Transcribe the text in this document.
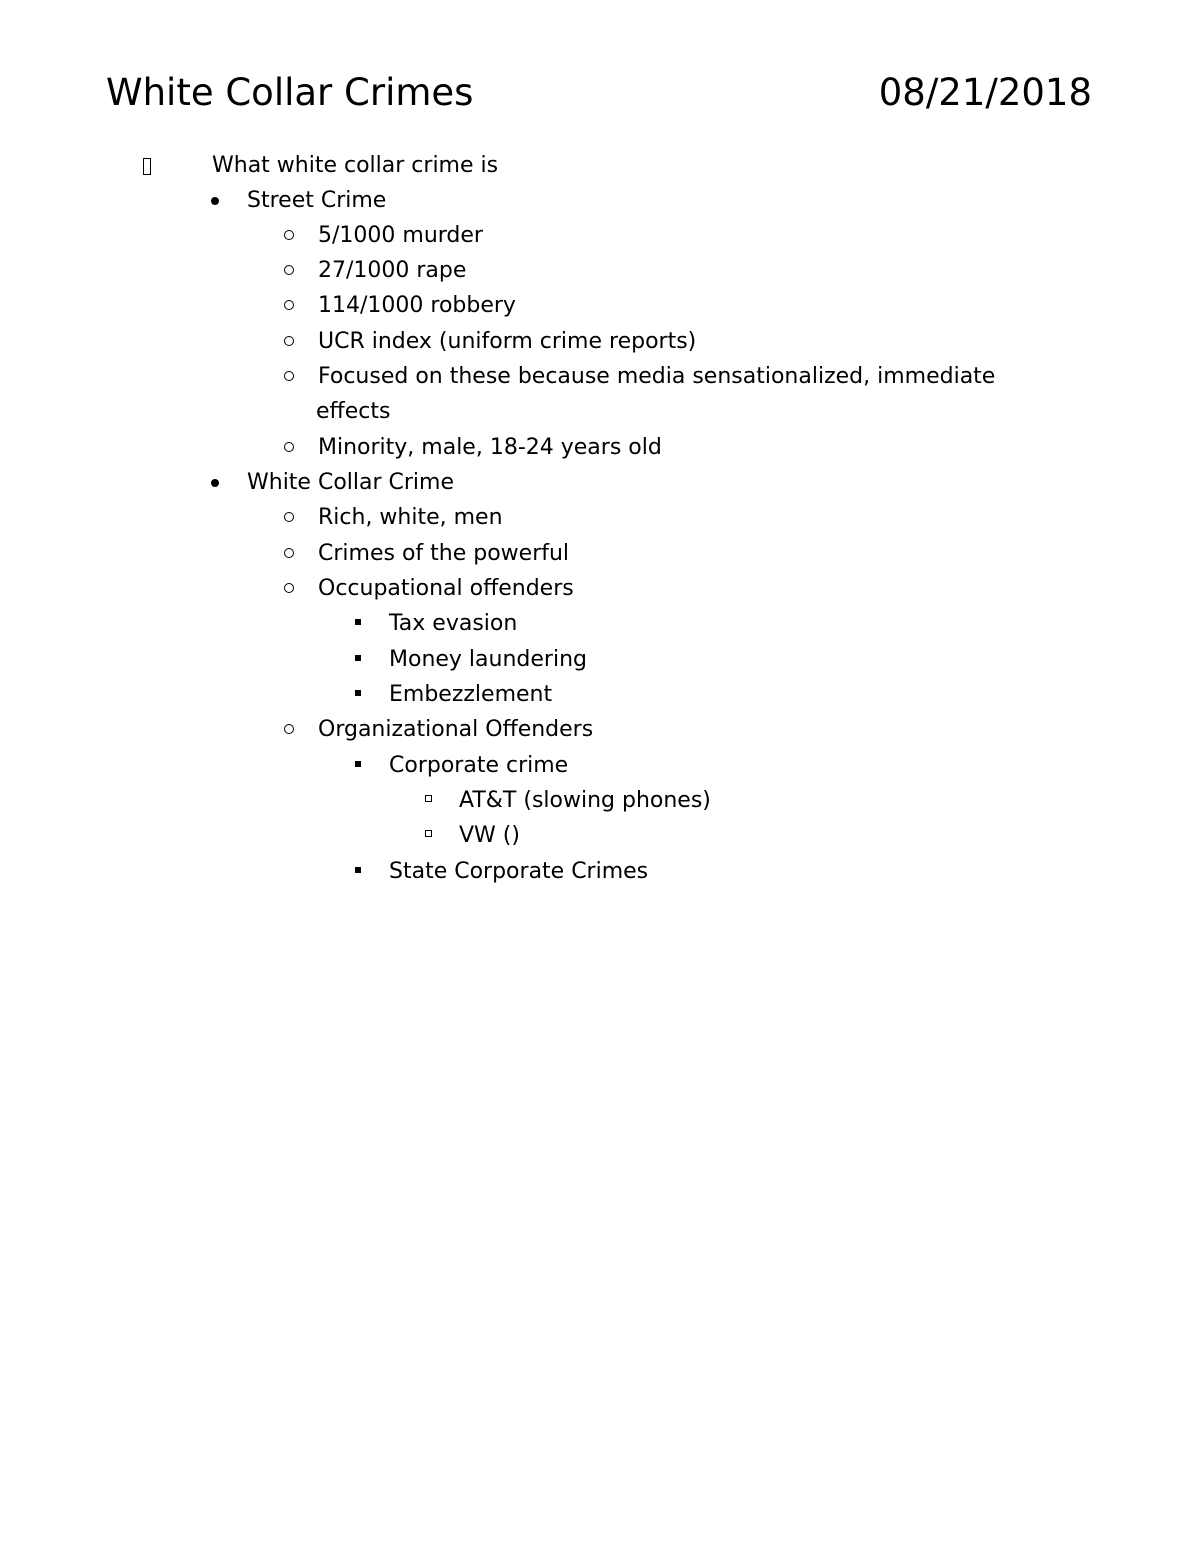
White Collar Crimes	08/21/2018
What white collar crime is
Street Crime
5/1000 murder
27/1000 rape
114/1000 robbery
UCR index (uniform crime reports)
Focused on these because media sensationalized, immediate
effects
Minority, male, 18-24 years old
White Collar Crime
Rich, white, men
Crimes of the powerful
Occupational offenders
Tax evasion
Money laundering
Embezzlement
Organizational Offenders
Corporate crime
AT&T (slowing phones)
VW ()
State Corporate Crimes
